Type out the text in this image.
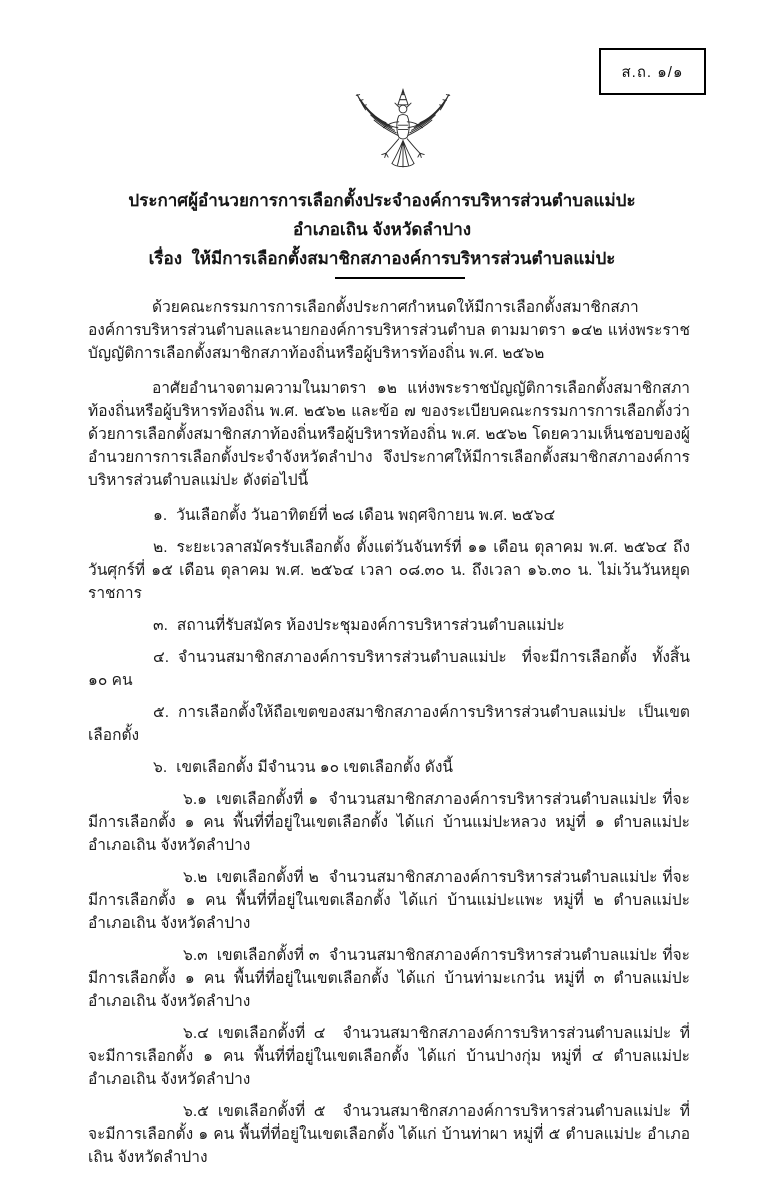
ส.ถ. ๑/๑
ประกาศผู้อำนวยการการเลือกตั้งประจำองค์การบริหารส่วนตำบลแม่ปะ
อำเภอเถิน จังหวัดลำปาง
เรื่อง  ให้มีการเลือกตั้งสมาชิกสภาองค์การบริหารส่วนตำบลแม่ปะ

ด้วยคณะกรรมการการเลือกตั้งประกาศกำหนดให้มีการเลือกตั้งสมาชิกสภาองค์การบริหารส่วนตำบลและนายกองค์การบริหารส่วนตำบล ตามมาตรา ๑๔๒ แห่งพระราชบัญญัติการเลือกตั้งสมาชิกสภาท้องถิ่นหรือผู้บริหารท้องถิ่น พ.ศ. ๒๕๖๒

อาศัยอำนาจตามความในมาตรา ๑๒ แห่งพระราชบัญญัติการเลือกตั้งสมาชิกสภาท้องถิ่นหรือผู้บริหารท้องถิ่น พ.ศ. ๒๕๖๒ และข้อ ๗ ของระเบียบคณะกรรมการการเลือกตั้งว่าด้วยการเลือกตั้งสมาชิกสภาท้องถิ่นหรือผู้บริหารท้องถิ่น พ.ศ. ๒๕๖๒ โดยความเห็นชอบของผู้อำนวยการการเลือกตั้งประจำจังหวัดลำปาง จึงประกาศให้มีการเลือกตั้งสมาชิกสภาองค์การบริหารส่วนตำบลแม่ปะ ดังต่อไปนี้

๑. วันเลือกตั้ง วันอาทิตย์ที่ ๒๘ เดือน พฤศจิกายน พ.ศ. ๒๕๖๔

๒. ระยะเวลาสมัครรับเลือกตั้ง ตั้งแต่วันจันทร์ที่ ๑๑ เดือน ตุลาคม พ.ศ. ๒๕๖๔ ถึงวันศุกร์ที่ ๑๕ เดือน ตุลาคม พ.ศ. ๒๕๖๔ เวลา ๐๘.๓๐ น. ถึงเวลา ๑๖.๓๐ น. ไม่เว้นวันหยุดราชการ

๓. สถานที่รับสมัคร ห้องประชุมองค์การบริหารส่วนตำบลแม่ปะ

๔. จำนวนสมาชิกสภาองค์การบริหารส่วนตำบลแม่ปะ ที่จะมีการเลือกตั้ง ทั้งสิ้น ๑๐ คน

๕. การเลือกตั้งให้ถือเขตของสมาชิกสภาองค์การบริหารส่วนตำบลแม่ปะ เป็นเขตเลือกตั้ง

๖. เขตเลือกตั้ง มีจำนวน ๑๐ เขตเลือกตั้ง ดังนี้

๖.๑ เขตเลือกตั้งที่ ๑  จำนวนสมาชิกสภาองค์การบริหารส่วนตำบลแม่ปะ ที่จะมีการเลือกตั้ง ๑ คน พื้นที่ที่อยู่ในเขตเลือกตั้ง ได้แก่ บ้านแม่ปะหลวง หมู่ที่ ๑ ตำบลแม่ปะ อำเภอเถิน จังหวัดลำปาง

๖.๒ เขตเลือกตั้งที่ ๒  จำนวนสมาชิกสภาองค์การบริหารส่วนตำบลแม่ปะ ที่จะมีการเลือกตั้ง ๑ คน พื้นที่ที่อยู่ในเขตเลือกตั้ง ได้แก่ บ้านแม่ปะแพะ หมู่ที่ ๒ ตำบลแม่ปะ อำเภอเถิน จังหวัดลำปาง

๖.๓ เขตเลือกตั้งที่ ๓  จำนวนสมาชิกสภาองค์การบริหารส่วนตำบลแม่ปะ ที่จะมีการเลือกตั้ง ๑ คน พื้นที่ที่อยู่ในเขตเลือกตั้ง ได้แก่ บ้านท่ามะเกว๋น หมู่ที่ ๓ ตำบลแม่ปะ อำเภอเถิน จังหวัดลำปาง

๖.๔ เขตเลือกตั้งที่ ๔  จำนวนสมาชิกสภาองค์การบริหารส่วนตำบลแม่ปะ ที่จะมีการเลือกตั้ง ๑ คน พื้นที่ที่อยู่ในเขตเลือกตั้ง ได้แก่ บ้านปางกุ่ม หมู่ที่ ๔ ตำบลแม่ปะ อำเภอเถิน จังหวัดลำปาง

๖.๕ เขตเลือกตั้งที่ ๕  จำนวนสมาชิกสภาองค์การบริหารส่วนตำบลแม่ปะ ที่จะมีการเลือกตั้ง ๑ คน พื้นที่ที่อยู่ในเขตเลือกตั้ง ได้แก่ บ้านท่าผา หมู่ที่ ๕ ตำบลแม่ปะ อำเภอเถิน จังหวัดลำปาง
